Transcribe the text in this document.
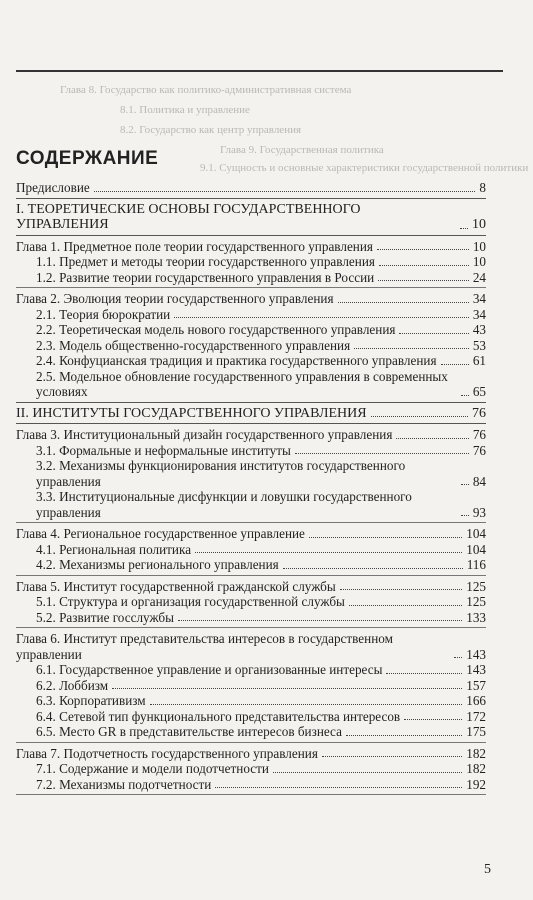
Глава 8. Государство как политико-административная система
8.1. Политика и управление
8.2. Государство как центр управления
Глава 9. Государственная политика
9.1. Сущность и основные характеристики государственной политики
СОДЕРЖАНИЕ
Предисловие	8
I. ТЕОРЕТИЧЕСКИЕ ОСНОВЫ ГОСУДАРСТВЕННОГО УПРАВЛЕНИЯ	10
Глава 1. Предметное поле теории государственного управления	10
1.1. Предмет и методы теории государственного управления	10
1.2. Развитие теории государственного управления в России	24
Глава 2. Эволюция теории государственного управления	34
2.1. Теория бюрократии	34
2.2. Теоретическая модель нового государственного управления	43
2.3. Модель общественно-государственного управления	53
2.4. Конфуцианская традиция и практика государственного управления	61
2.5. Модельное обновление государственного управления в современных условиях	65
II. ИНСТИТУТЫ ГОСУДАРСТВЕННОГО УПРАВЛЕНИЯ	76
Глава 3. Институциональный дизайн государственного управления	76
3.1. Формальные и неформальные институты	76
3.2. Механизмы функционирования институтов государственного управления	84
3.3. Институциональные дисфункции и ловушки государственного управления	93
Глава 4. Региональное государственное управление	104
4.1. Региональная политика	104
4.2. Механизмы регионального управления	116
Глава 5. Институт государственной гражданской службы	125
5.1. Структура и организация государственной службы	125
5.2. Развитие госслужбы	133
Глава 6. Институт представительства интересов в государственном управлении	143
6.1. Государственное управление и организованные интересы	143
6.2. Лоббизм	157
6.3. Корпоративизм	166
6.4. Сетевой тип функционального представительства интересов	172
6.5. Место GR в представительстве интересов бизнеса	175
Глава 7. Подотчетность государственного управления	182
7.1. Содержание и модели подотчетности	182
7.2. Механизмы подотчетности	192
5
